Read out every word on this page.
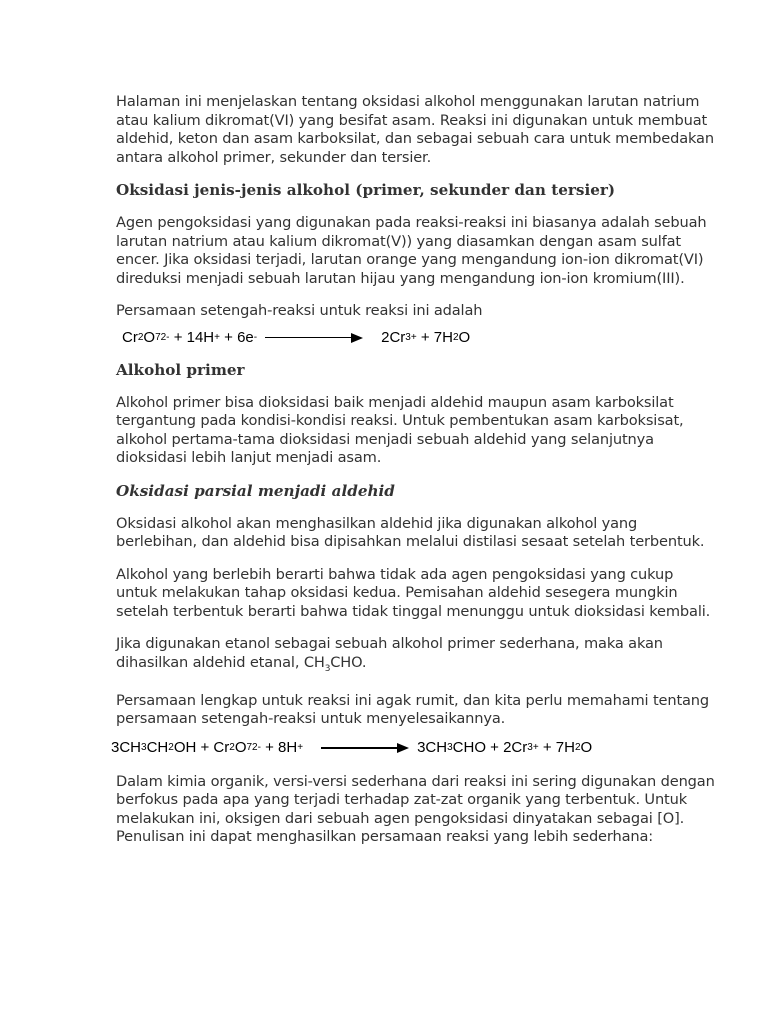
Halaman ini menjelaskan tentang oksidasi alkohol menggunakan larutan natrium atau kalium dikromat(VI) yang besifat asam. Reaksi ini digunakan untuk membuat aldehid, keton dan asam karboksilat, dan sebagai sebuah cara untuk membedakan antara alkohol primer, sekunder dan tersier.

Oksidasi jenis-jenis alkohol (primer, sekunder dan tersier)

Agen pengoksidasi yang digunakan pada reaksi-reaksi ini biasanya adalah sebuah larutan natrium atau kalium dikromat(V)) yang diasamkan dengan asam sulfat encer. Jika oksidasi terjadi, larutan orange yang mengandung ion-ion dikromat(VI) direduksi menjadi sebuah larutan hijau yang mengandung ion-ion kromium(III).

Persamaan setengah-reaksi untuk reaksi ini adalah

Cr 2 O 7 2- + 14H + + 6e -	2Cr 3+ + 7H 2 O
Alkohol primer

Alkohol primer bisa dioksidasi baik menjadi aldehid maupun asam karboksilat tergantung pada kondisi-kondisi reaksi. Untuk pembentukan asam karboksisat, alkohol pertama-tama dioksidasi menjadi sebuah aldehid yang selanjutnya dioksidasi lebih lanjut menjadi asam.

Oksidasi parsial menjadi aldehid

Oksidasi alkohol akan menghasilkan aldehid jika digunakan alkohol yang berlebihan, dan aldehid bisa dipisahkan melalui distilasi sesaat setelah terbentuk.

Alkohol yang berlebih berarti bahwa tidak ada agen pengoksidasi yang cukup untuk melakukan tahap oksidasi kedua. Pemisahan aldehid sesegera mungkin setelah terbentuk berarti bahwa tidak tinggal menunggu untuk dioksidasi kembali.

Jika digunakan etanol sebagai sebuah alkohol primer sederhana, maka akan dihasilkan aldehid etanal, $CH_3CHO$.

Persamaan lengkap untuk reaksi ini agak rumit, dan kita perlu memahami tentang persamaan setengah-reaksi untuk menyelesaikannya.

3CH 3 CH 2 OH + Cr 2 O 7 2- + 8H +	3CH 3 CHO + 2Cr 3+ + 7H 2 O

Dalam kimia organik, versi-versi sederhana dari reaksi ini sering digunakan dengan berfokus pada apa yang terjadi terhadap zat-zat organik yang terbentuk. Untuk melakukan ini, oksigen dari sebuah agen pengoksidasi dinyatakan sebagai [O]. Penulisan ini dapat menghasilkan persamaan reaksi yang lebih sederhana:
